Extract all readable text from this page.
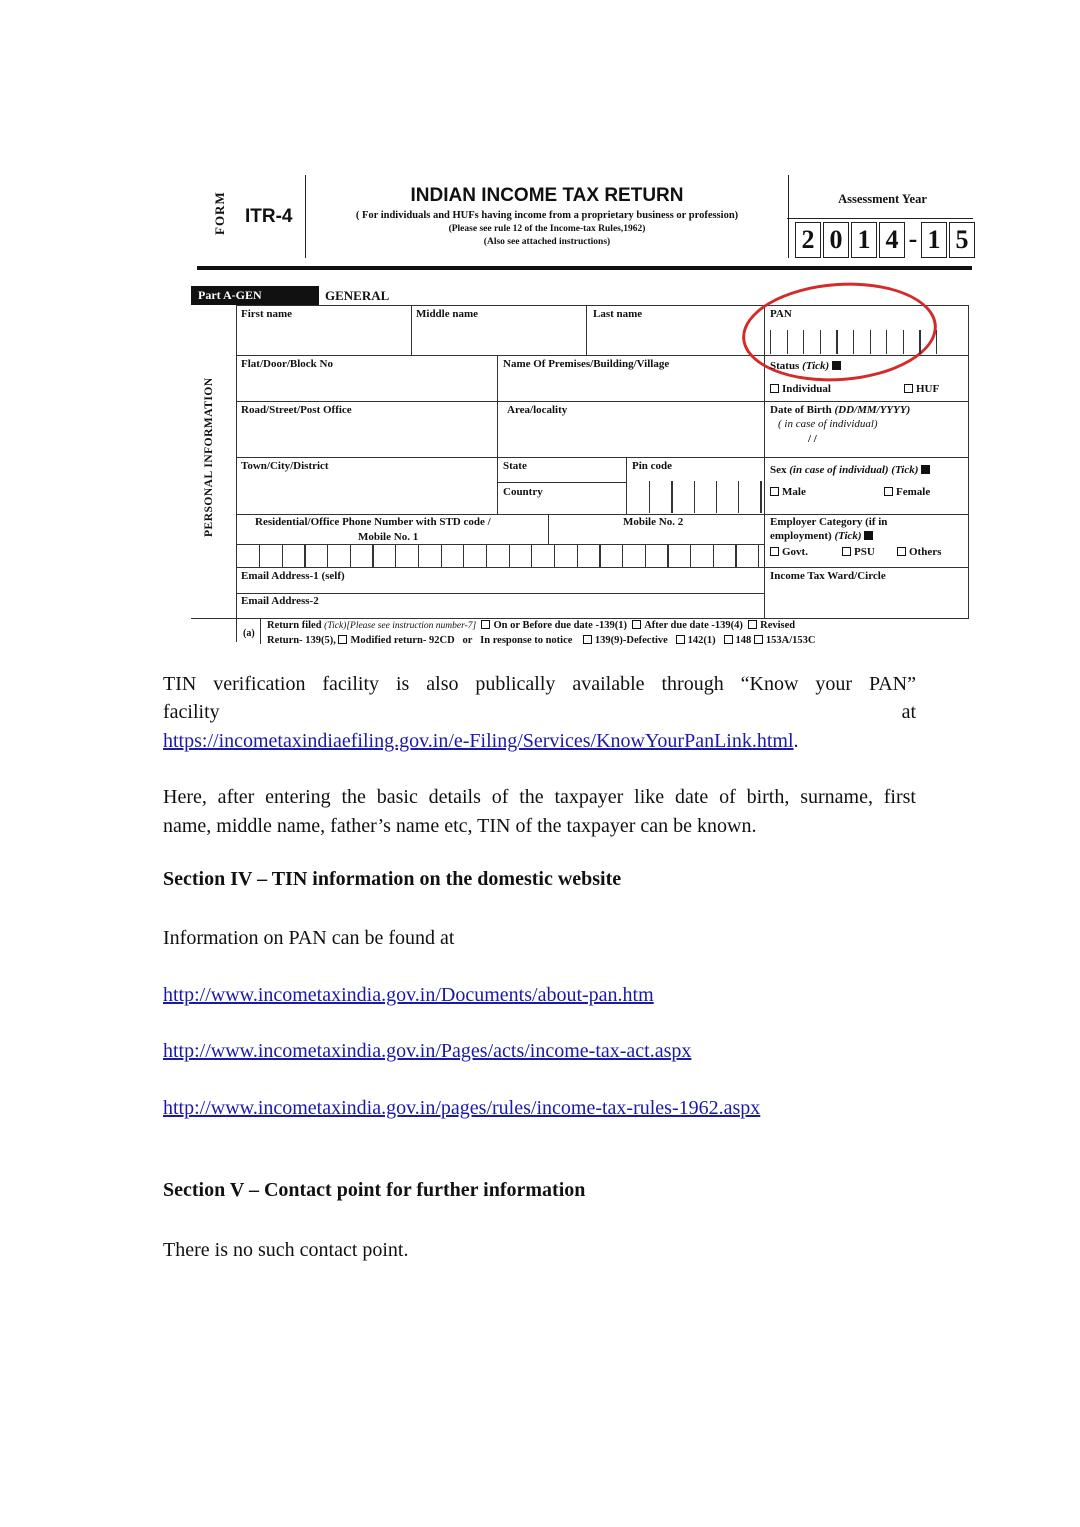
FORM ITR-4
INDIAN INCOME TAX RETURN
( For individuals and HUFs having income from a proprietary business or profession)
(Please see rule 12 of the Income-tax Rules,1962)
(Also see attached instructions)
Assessment Year
2 0 1 4 - 1 5
Part A-GEN	GENERAL
PERSONAL INFORMATION
First name	Middle name	Last name	PAN
Flat/Door/Block No	Name Of Premises/Building/Village	Status (Tick)
Individual	HUF
Road/Street/Post Office	Area/locality	Date of Birth (DD/MM/YYYY)
( in case of individual)
/ /
Town/City/District	State	Pin code
Country
Sex (in case of individual) (Tick)
Male	Female
Residential/Office Phone Number with STD code /
Mobile No. 1
Mobile No. 2	Employer Category (if in
employment) (Tick)
Govt.	PSU	Others
Email Address-1 (self)	Income Tax Ward/Circle
Email Address-2
(a)
Return filed (Tick)[Please see instruction number-7] On or Before due date -139(1) After due date -139(4) Revised
Return- 139(5), Modified return- 92CD or In response to notice 139(9)-Defective 142(1) 148 153A/153C
TIN verification facility is also publically available through “Know your PAN”
facility	at
https://incometaxindiaefiling.gov.in/e-Filing/Services/KnowYourPanLink.html.
Here, after entering the basic details of the taxpayer like date of birth, surname, first
name, middle name, father’s name etc, TIN of the taxpayer can be known.
Section IV – TIN information on the domestic website
Information on PAN can be found at
http://www.incometaxindia.gov.in/Documents/about-pan.htm
http://www.incometaxindia.gov.in/Pages/acts/income-tax-act.aspx
http://www.incometaxindia.gov.in/pages/rules/income-tax-rules-1962.aspx
Section V – Contact point for further information
There is no such contact point.
